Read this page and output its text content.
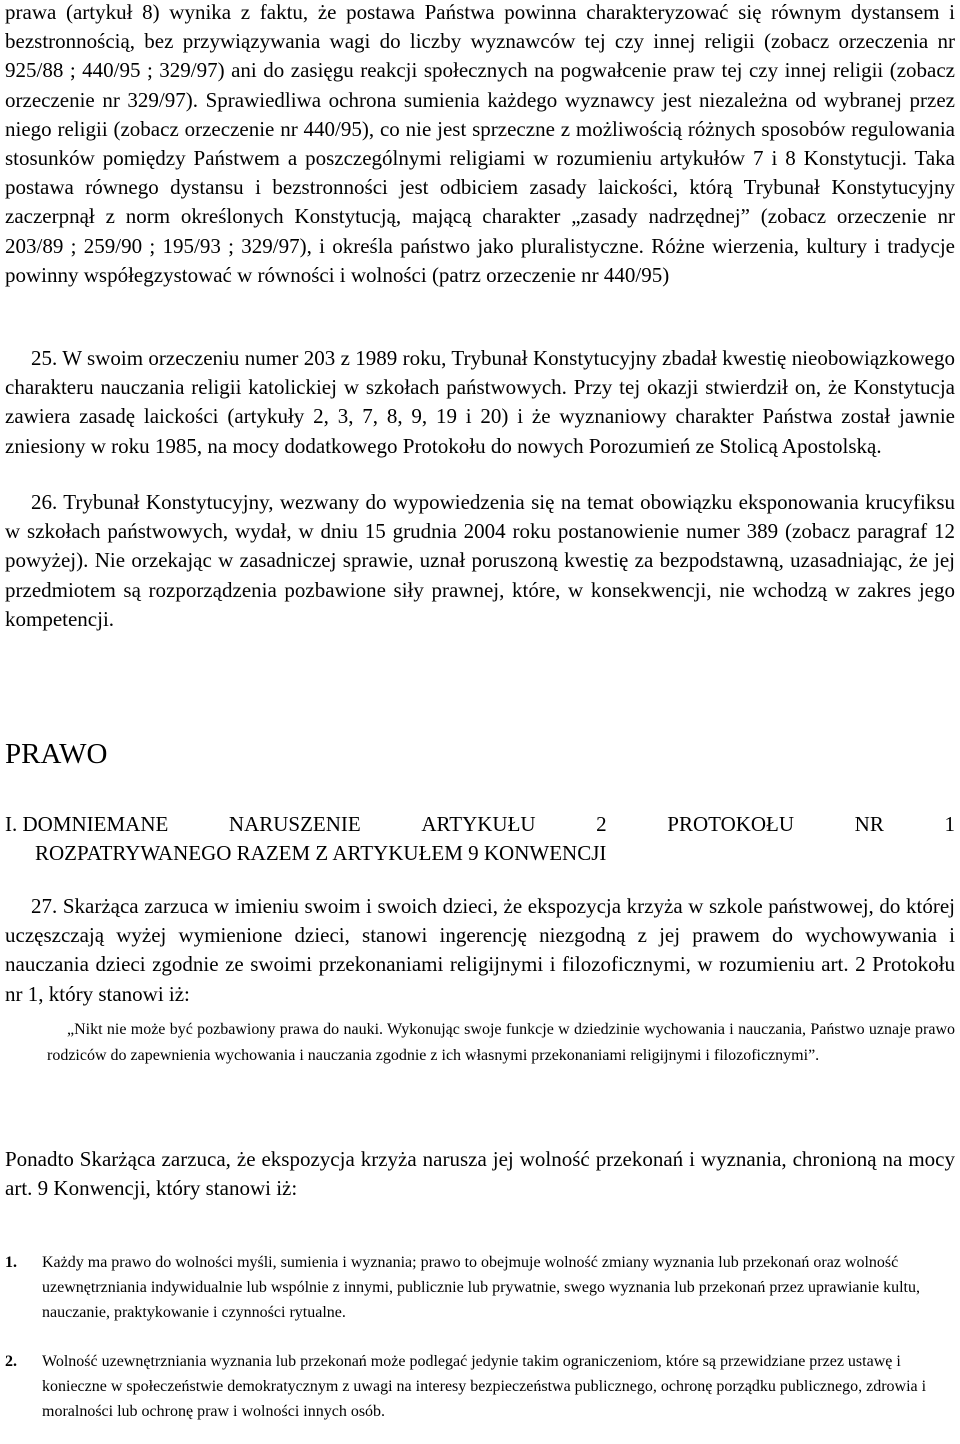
prawa (artykuł 8) wynika z faktu, że postawa Państwa powinna charakteryzować się równym dystansem i bezstronnością, bez przywiązywania wagi do liczby wyznawców tej czy innej religii (zobacz orzeczenia nr 925/88 ; 440/95 ; 329/97) ani do zasięgu reakcji społecznych na pogwałcenie praw tej czy innej religii (zobacz orzeczenie nr 329/97). Sprawiedliwa ochrona sumienia każdego wyznawcy jest niezależna od wybranej przez niego religii (zobacz orzeczenie nr 440/95), co nie jest sprzeczne z możliwością różnych sposobów regulowania stosunków pomiędzy Państwem a poszczególnymi religiami w rozumieniu artykułów 7 i 8 Konstytucji. Taka postawa równego dystansu i bezstronności jest odbiciem zasady laickości, którą Trybunał Konstytucyjny zaczerpnął z norm określonych Konstytucją, mającą charakter „zasady nadrzędnej” (zobacz orzeczenie nr 203/89 ; 259/90 ; 195/93 ; 329/97), i określa państwo jako pluralistyczne. Różne wierzenia, kultury i tradycje powinny współegzystować w równości i wolności (patrz orzeczenie nr 440/95)

25. W swoim orzeczeniu numer 203 z 1989 roku, Trybunał Konstytucyjny zbadał kwestię nieobowiązkowego charakteru nauczania religii katolickiej w szkołach państwowych. Przy tej okazji stwierdził on, że Konstytucja zawiera zasadę laickości (artykuły 2, 3, 7, 8, 9, 19 i 20) i że wyznaniowy charakter Państwa został jawnie zniesiony w roku 1985, na mocy dodatkowego Protokołu do nowych Porozumień ze Stolicą Apostolską.

26. Trybunał Konstytucyjny, wezwany do wypowiedzenia się na temat obowiązku eksponowania krucyfiksu w szkołach państwowych, wydał, w dniu 15 grudnia 2004 roku postanowienie numer 389 (zobacz paragraf 12 powyżej). Nie orzekając w zasadniczej sprawie, uznał poruszoną kwestię za bezpodstawną, uzasadniając, że jej przedmiotem są rozporządzenia pozbawione siły prawnej, które, w konsekwencji, nie wchodzą w zakres jego kompetencji.

PRAWO
I. DOMNIEMANE	NARUSZENIE	ARTYKUŁU	2	PROTOKOŁU	NR	1
ROZPATRYWANEGO RAZEM Z ARTYKUŁEM 9 KONWENCJI

27. Skarżąca zarzuca w imieniu swoim i swoich dzieci, że ekspozycja krzyża w szkole państwowej, do której uczęszczają wyżej wymienione dzieci, stanowi ingerencję niezgodną z jej prawem do wychowywania i nauczania dzieci zgodnie ze swoimi przekonaniami religijnymi i filozoficznymi, w rozumieniu art. 2 Protokołu nr 1, który stanowi iż:

„Nikt nie może być pozbawiony prawa do nauki. Wykonując swoje funkcje w dziedzinie wychowania i nauczania, Państwo uznaje prawo rodziców do zapewnienia wychowania i nauczania zgodnie z ich własnymi przekonaniami religijnymi i filozoficznymi”.

Ponadto Skarżąca zarzuca, że ekspozycja krzyża narusza jej wolność przekonań i wyznania, chronioną na mocy art. 9 Konwencji, który stanowi iż:

1. Każdy ma prawo do wolności myśli, sumienia i wyznania; prawo to obejmuje wolność zmiany wyznania lub przekonań oraz wolność uzewnętrzniania indywidualnie lub wspólnie z innymi, publicznie lub prywatnie, swego wyznania lub przekonań przez uprawianie kultu, nauczanie, praktykowanie i czynności rytualne.
2. Wolność uzewnętrzniania wyznania lub przekonań może podlegać jedynie takim ograniczeniom, które są przewidziane przez ustawę i konieczne w społeczeństwie demokratycznym z uwagi na interesy bezpieczeństwa publicznego, ochronę porządku publicznego, zdrowia i moralności lub ochronę praw i wolności innych osób.
